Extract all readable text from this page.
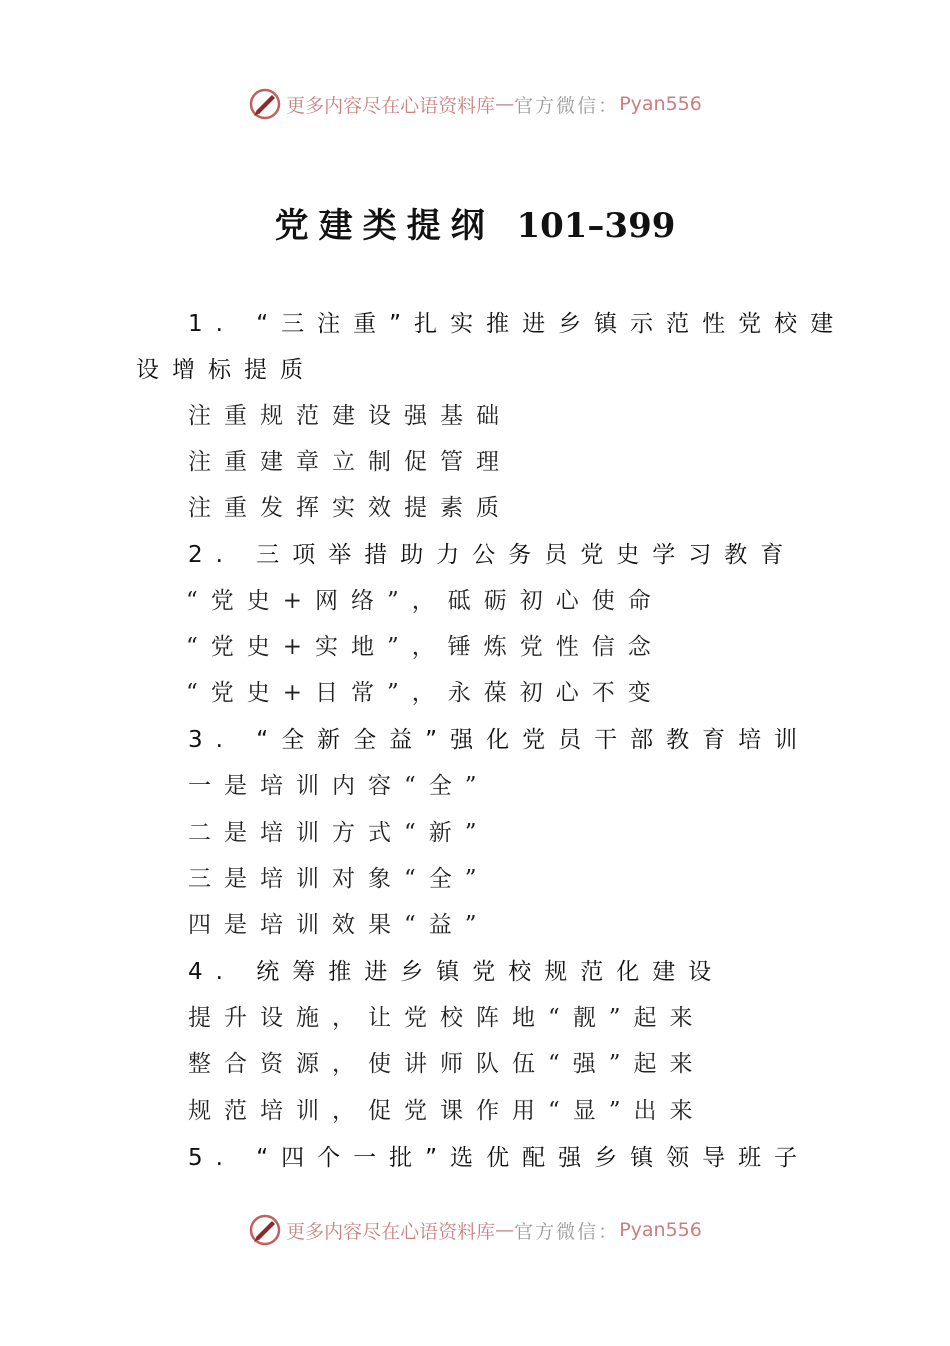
更多内容尽在心语资料库 — 官方微信： Pyan556
党建类提纲 101–399
1. “三注重”扎实推进乡镇示范性党校建
设增标提质
注重规范建设强基础
注重建章立制促管理
注重发挥实效提素质
2. 三项举措助力公务员党史学习教育
“党史+网络”，砥砺初心使命
“党史+实地”，锤炼党性信念
“党史+日常”，永葆初心不变
3. “全新全益”强化党员干部教育培训
一是培训内容“全”
二是培训方式“新”
三是培训对象“全”
四是培训效果“益”
4. 统筹推进乡镇党校规范化建设
提升设施，让党校阵地“靓”起来
整合资源，使讲师队伍“强”起来
规范培训，促党课作用“显”出来
5. “四个一批”选优配强乡镇领导班子
更多内容尽在心语资料库 — 官方微信： Pyan556
